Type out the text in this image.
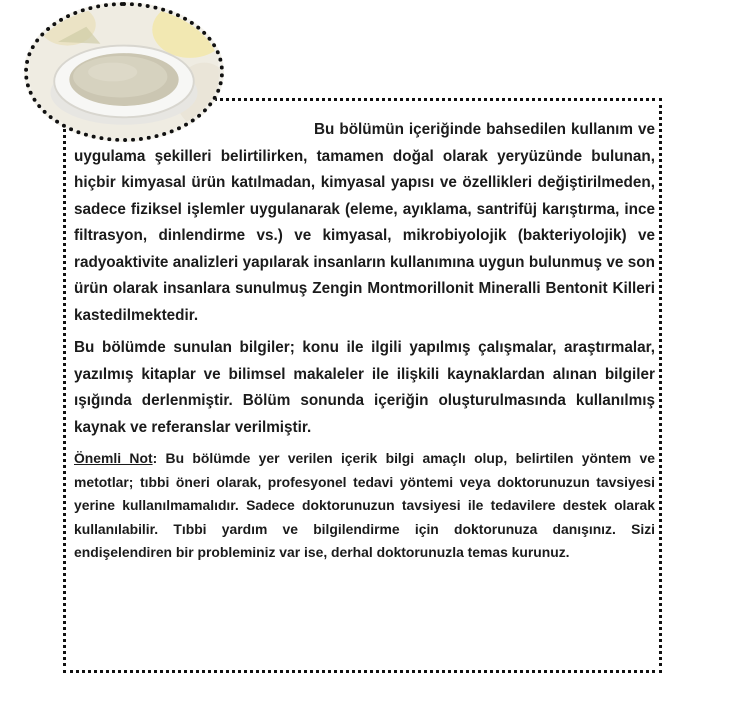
Bu bölümün içeriğinde bahsedilen kullanım ve uygulama şekilleri belirtilirken, tamamen doğal olarak yeryüzünde bulunan, hiçbir kimyasal ürün katılmadan, kimyasal yapısı ve özellikleri değiştirilmeden, sadece fiziksel işlemler uygulanarak (eleme, ayıklama, santrifüj karıştırma, ince filtrasyon, dinlendirme vs.) ve kimyasal, mikrobiyolojik (bakteriyolojik) ve radyoaktivite analizleri yapılarak insanların kullanımına uygun bulunmuş ve son ürün olarak insanlara sunulmuş Zengin Montmorillonit Mineralli Bentonit Killeri kastedilmektedir.

Bu bölümde sunulan bilgiler; konu ile ilgili yapılmış çalışmalar, araştırmalar, yazılmış kitaplar ve bilimsel makaleler ile ilişkili kaynaklardan alınan bilgiler ışığında derlenmiştir. Bölüm sonunda içeriğin oluşturulmasında kullanılmış kaynak ve referanslar verilmiştir.

Önemli Not: Bu bölümde yer verilen içerik bilgi amaçlı olup, belirtilen yöntem ve metotlar; tıbbi öneri olarak, profesyonel tedavi yöntemi veya doktorunuzun tavsiyesi yerine kullanılmamalıdır. Sadece doktorunuzun tavsiyesi ile tedavilere destek olarak kullanılabilir. Tıbbi yardım ve bilgilendirme için doktorunuza danışınız. Sizi endişelendiren bir probleminiz var ise, derhal doktorunuzla temas kurunuz.
